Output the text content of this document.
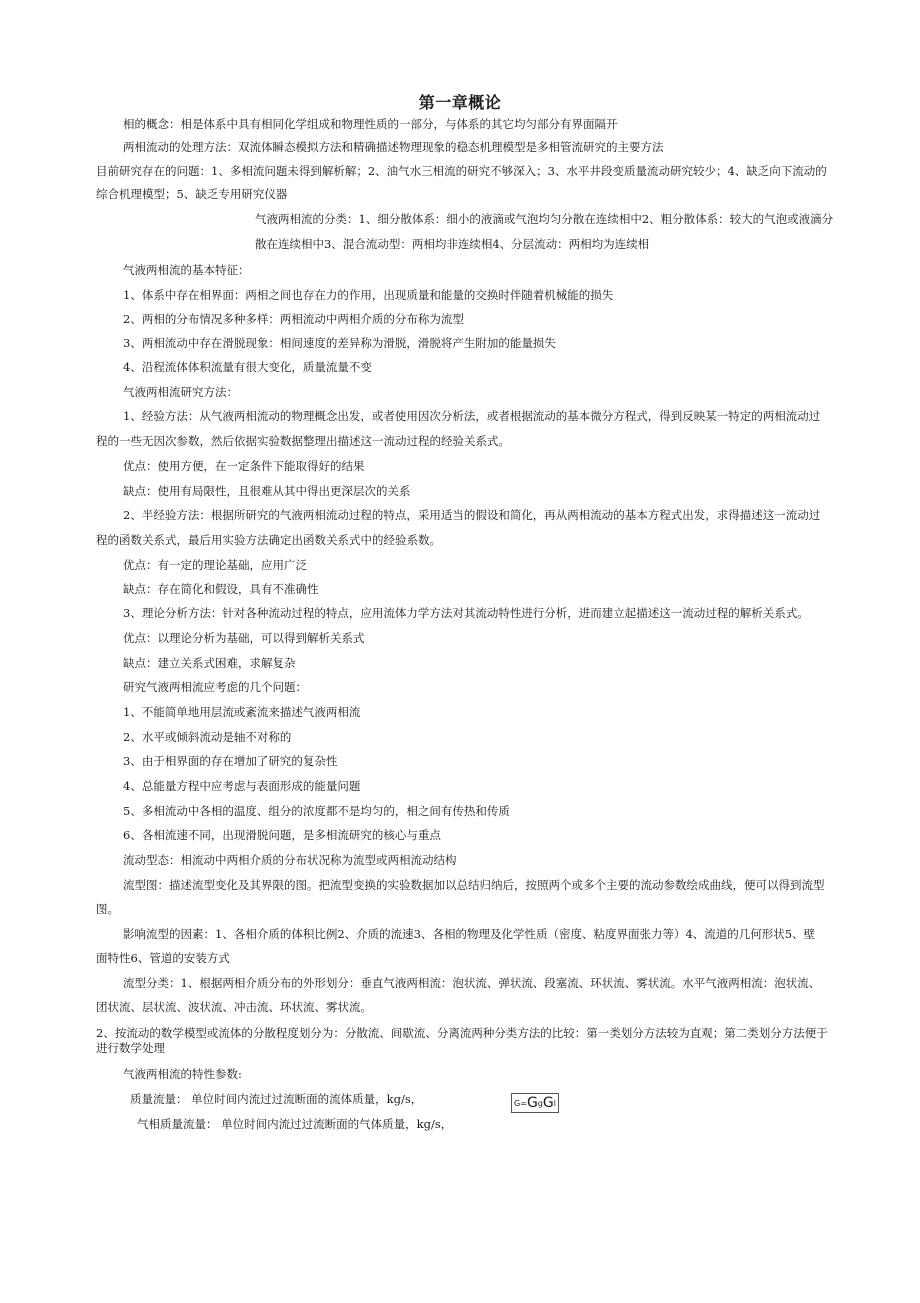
第一章概论
相的概念：相是体系中具有相同化学组成和物理性质的一部分，与体系的其它均匀部分有界面隔开
两相流动的处理方法：双流体瞬态模拟方法和精确描述物理现象的稳态机理模型是多相管流研究的主要方法
目前研究存在的问题：1、多相流问题未得到解析解；2、油气水三相流的研究不够深入；3、水平井段变质量流动研究较少；4、缺乏向下流动的
综合机理模型；5、缺乏专用研究仪器
气液两相流的分类：1、细分散体系：细小的液滴或气泡均匀分散在连续相中2、粗分散体系：较大的气泡或液滴分
散在连续相中3、混合流动型：两相均非连续相4、分层流动：两相均为连续相
气液两相流的基本特征：
1、体系中存在相界面：两相之间也存在力的作用，出现质量和能量的交换时伴随着机械能的损失
2、两相的分布情况多种多样：两相流动中两相介质的分布称为流型
3、两相流动中存在滑脱现象：相间速度的差异称为滑脱，滑脱将产生附加的能量损失
4、沿程流体体积流量有很大变化，质量流量不变
气液两相流研究方法：
1、经验方法：从气液两相流动的物理概念出发，或者使用因次分析法，或者根据流动的基本微分方程式，得到反映某一特定的两相流动过
程的一些无因次参数，然后依据实验数据整理出描述这一流动过程的经验关系式。
优点：使用方便，在一定条件下能取得好的结果
缺点：使用有局限性，且很难从其中得出更深层次的关系
2、半经验方法：根据所研究的气液两相流动过程的特点，采用适当的假设和简化，再从两相流动的基本方程式出发，求得描述这一流动过
程的函数关系式，最后用实验方法确定出函数关系式中的经验系数。
优点：有一定的理论基础，应用广泛
缺点：存在简化和假设，具有不准确性
3、理论分析方法：针对各种流动过程的特点，应用流体力学方法对其流动特性进行分析，进而建立起描述这一流动过程的解析关系式。
优点：以理论分析为基础，可以得到解析关系式
缺点：建立关系式困难，求解复杂
研究气液两相流应考虑的几个问题：
1、不能简单地用层流或紊流来描述气液两相流
2、水平或倾斜流动是轴不对称的
3、由于相界面的存在增加了研究的复杂性
4、总能量方程中应考虑与表面形成的能量问题
5、多相流动中各相的温度、组分的浓度都不是均匀的，相之间有传热和传质
6、各相流速不同，出现滑脱问题，是多相流研究的核心与重点
流动型态：相流动中两相介质的分布状况称为流型或两相流动结构
流型图：描述流型变化及其界限的图。把流型变换的实验数据加以总结归纳后，按照两个或多个主要的流动参数绘成曲线，便可以得到流型
图。
影响流型的因素：1、各相介质的体积比例2、介质的流速3、各相的物理及化学性质（密度、粘度界面张力等）4、流道的几何形状5、壁
面特性6、管道的安装方式
流型分类：1、根据两相介质分布的外形划分：垂直气液两相流：泡状流、弹状流、段塞流、环状流、雾状流。水平气液两相流：泡状流、
团状流、层状流、波状流、冲击流、环状流、雾状流。
2、按流动的数学模型或流体的分散程度划分为：分散流、间歇流、分离流两种分类方法的比较：第一类划分方法较为直观；第二类划分方法便于
进行数学处理
气液两相流的特性参数:
质量流量： 单位时间内流过过流断面的流体质量，kg/s，
气相质量流量： 单位时间内流过过流断面的气体质量，kg/s，
G = G g G l
